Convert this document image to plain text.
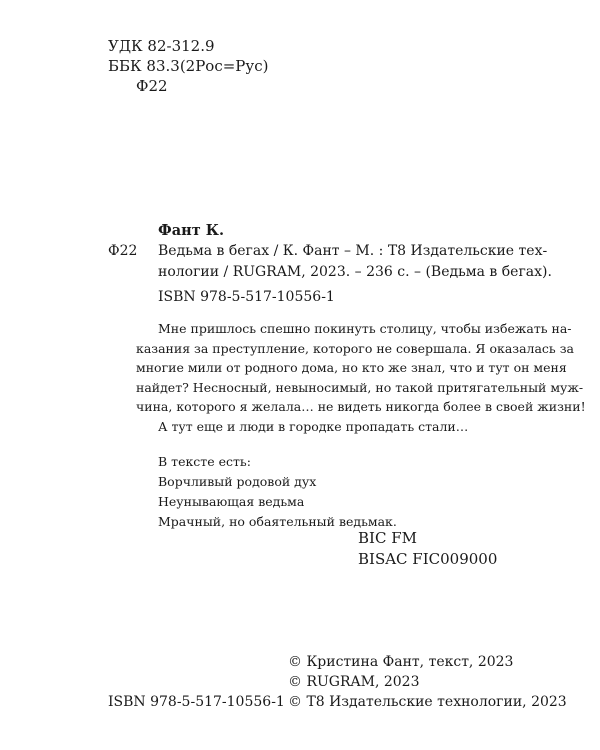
УДК 82-312.9
ББК 83.3(2Рос=Рус)
Ф22
Фант К.
Ф22 Ведьма в бегах / К. Фант – М. : Т8 Издательские тех-
нологии / RUGRAM, 2023. – 236 с. – (Ведьма в бегах).
ISBN 978-5-517-10556-1
Мне пришлось спешно покинуть столицу, чтобы избежать на-
казания за преступление, которого не совершала. Я оказалась за
многие мили от родного дома, но кто же знал, что и тут он меня
найдет? Несносный, невыносимый, но такой притягательный муж-
чина, которого я желала… не видеть никогда более в своей жизни!
А тут еще и люди в городке пропадать стали…
В тексте есть:
Ворчливый родовой дух
Неунывающая ведьма
Мрачный, но обаятельный ведьмак.
BIC FM
BISAC FIC009000
© Кристина Фант, текст, 2023
© RUGRAM, 2023
© Т8 Издательские технологии, 2023
ISBN 978-5-517-10556-1
